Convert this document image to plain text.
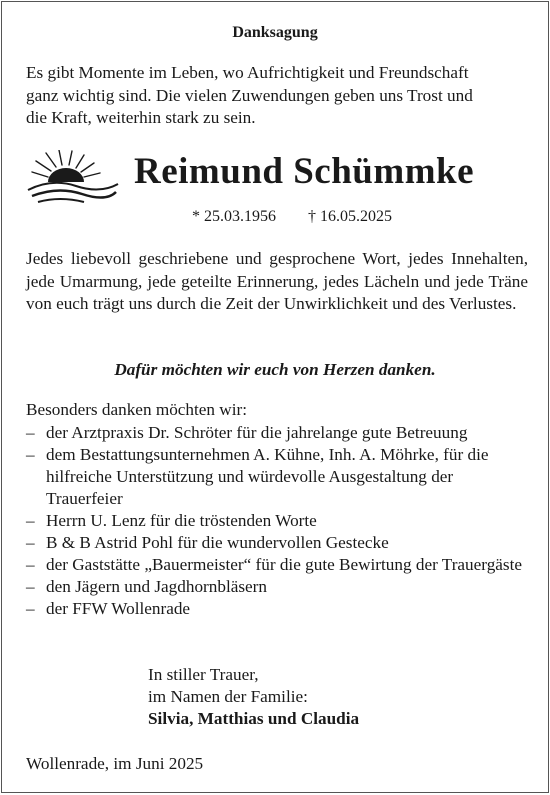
Danksagung
Es gibt Momente im Leben, wo Aufrichtigkeit und Freundschaft
ganz wichtig sind. Die vielen Zuwendungen geben uns Trost und
die Kraft, weiterhin stark zu sein.
Reimund Schümmke
* 25.03.1956 † 16.05.2025
Jedes liebevoll geschriebene und gesprochene Wort, jedes Innehalten, jede Umarmung, jede geteilte Erinnerung, jedes Lächeln und jede Träne von euch trägt uns durch die Zeit der Unwirklichkeit und des Verlustes.
Dafür möchten wir euch von Herzen danken.
Besonders danken möchten wir:
– der Arztpraxis Dr. Schröter für die jahrelange gute Betreuung
– dem Bestattungsunternehmen A. Kühne, Inh. A. Möhrke, für die hilfreiche Unterstützung und würdevolle Ausgestaltung der Trauerfeier
– Herrn U. Lenz für die tröstenden Worte
– B & B Astrid Pohl für die wundervollen Gestecke
– der Gaststätte „Bauermeister“ für die gute Bewirtung der Trauergäste
– den Jägern und Jagdhornbläsern
– der FFW Wollenrade
In stiller Trauer,
im Namen der Familie:
Silvia, Matthias und Claudia
Wollenrade, im Juni 2025
